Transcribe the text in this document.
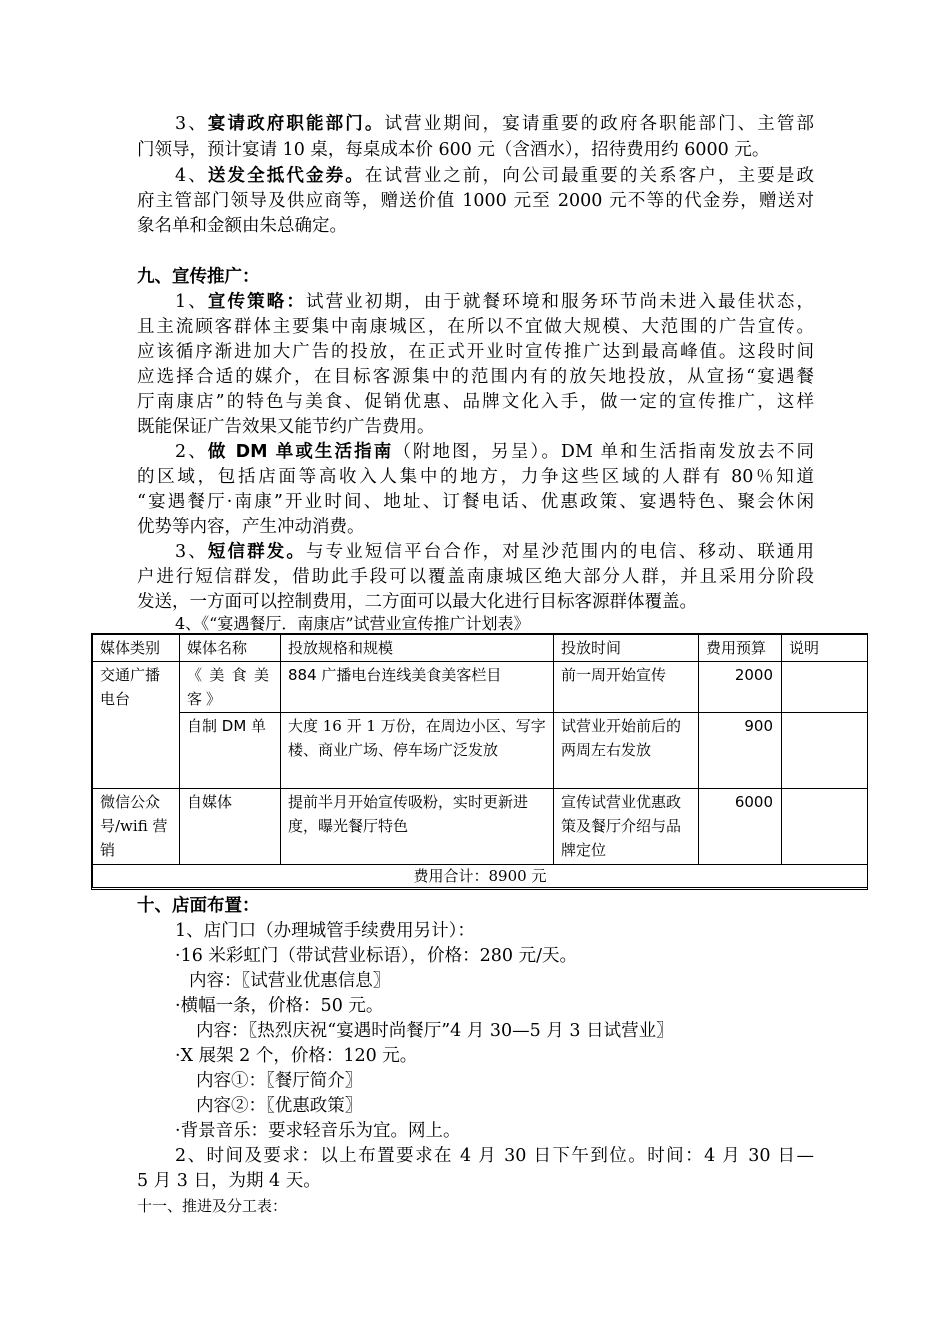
3、宴请政府职能部门。试营业期间，宴请重要的政府各职能部门、主管部
门领导，预计宴请 10 桌，每桌成本价 600 元（含酒水），招待费用约 6000 元。
4、送发全抵代金券。在试营业之前，向公司最重要的关系客户，主要是政
府主管部门领导及供应商等，赠送价值 1000 元至 2000 元不等的代金券，赠送对
象名单和金额由朱总确定。
九、宣传推广：
1、宣传策略：试营业初期，由于就餐环境和服务环节尚未进入最佳状态，
且主流顾客群体主要集中南康城区，在所以不宜做大规模、大范围的广告宣传。
应该循序渐进加大广告的投放，在正式开业时宣传推广达到最高峰值。这段时间
应选择合适的媒介，在目标客源集中的范围内有的放矢地投放，从宣扬“宴遇餐
厅南康店”的特色与美食、促销优惠、品牌文化入手，做一定的宣传推广，这样
既能保证广告效果又能节约广告费用。
2、做 DM 单或生活指南（附地图，另呈）。DM 单和生活指南发放去不同
的区域，包括店面等高收入人集中的地方，力争这些区域的人群有 80％知道
“宴遇餐厅·南康”开业时间、地址、订餐电话、优惠政策、宴遇特色、聚会休闲
优势等内容，产生冲动消费。
3、短信群发。与专业短信平台合作，对星沙范围内的电信、移动、联通用
户进行短信群发，借助此手段可以覆盖南康城区绝大部分人群，并且采用分阶段
发送，一方面可以控制费用，二方面可以最大化进行目标客源群体覆盖。
4、《“宴遇餐厅．南康店”试营业宣传推广计划表》
媒体类别	媒体名称	投放规格和规模	投放时间	费用预算	说明
交通广播电台	《美食美客》	884 广播电台连线美食美客栏目	前一周开始宣传	2000	
	自制 DM 单	大度 16 开 1 万份，在周边小区、写字楼、商业广场、停车场广泛发放	试营业开始前后的两周左右发放	900	
微信公众号/wifi 营销	自媒体	提前半月开始宣传吸粉，实时更新进度，曝光餐厅特色	宣传试营业优惠政策及餐厅介绍与品牌定位	6000	
费用合计：8900 元					
十、店面布置：
1、店门口（办理城管手续费用另计）：
·16 米彩虹门（带试营业标语），价格：280 元/天。
内容：〖试营业优惠信息〗
·横幅一条，价格：50 元。
内容：〖热烈庆祝“宴遇时尚餐厅”4 月 30—5 月 3 日试营业〗
·X 展架 2 个，价格：120 元。
内容①：〖餐厅简介〗
内容②：〖优惠政策〗
·背景音乐：要求轻音乐为宜。网上。
2、时间及要求：以上布置要求在 4 月 30 日下午到位。时间：4 月 30 日—
5 月 3 日，为期 4 天。
十一、推进及分工表：
